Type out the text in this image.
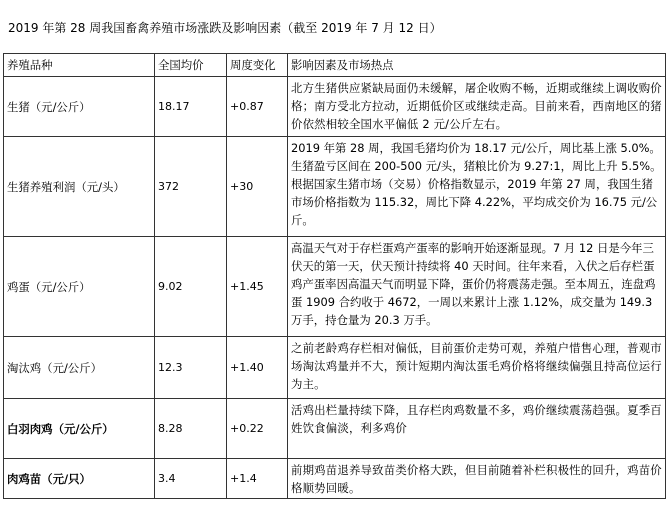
2019 年第 28 周我国畜禽养殖市场涨跌及影响因素（截至 2019 年 7 月 12 日）
养殖品种	全国均价	周度变化	影响因素及市场热点
生猪（元/公斤）	18.17	+0.87	北方生猪供应紧缺局面仍未缓解，屠企收购不畅，近期或继续上调收购价格；南方受北方拉动，近期低价区或继续走高。目前来看，西南地区的猪价依然相较全国水平偏低 2 元/公斤左右。
生猪养殖利润（元/头）	372	+30	2019 年第 28 周，我国毛猪均价为 18.17 元/公斤，周比基上涨 5.0%。生猪盈亏区间在 200-500 元/头，猪粮比价为 9.27:1，周比上升 5.5%。根据国家生猪市场（交易）价格指数显示，2019 年第 27 周，我国生猪市场价格指数为 115.32，周比下降 4.22%，平均成交价为 16.75 元/公斤。
鸡蛋（元/公斤）	9.02	+1.45	高温天气对于存栏蛋鸡产蛋率的影响开始逐渐显现。7 月 12 日是今年三伏天的第一天，伏天预计持续将 40 天时间。往年来看，入伏之后存栏蛋鸡产蛋率因高温天气而明显下降，蛋价仍将震荡走强。至本周五，连盘鸡蛋 1909 合约收于 4672，一周以来累计上涨 1.12%，成交量为 149.3 万手，持仓量为 20.3 万手。
淘汰鸡（元/公斤）	12.3	+1.40	之前老龄鸡存栏相对偏低，目前蛋价走势可观，养殖户惜售心理，普观市场淘汰鸡量并不大，预计短期内淘汰蛋毛鸡价格将继续偏强且持高位运行为主。
白羽肉鸡（元/公斤）	8.28	+0.22	活鸡出栏量持续下降，且存栏肉鸡数量不多，鸡价继续震荡趋强。夏季百姓饮食偏淡，利多鸡价
肉鸡苗（元/只）	3.4	+1.4	前期鸡苗退养导致苗类价格大跌，但目前随着补栏积极性的回升，鸡苗价格顺势回暖。
